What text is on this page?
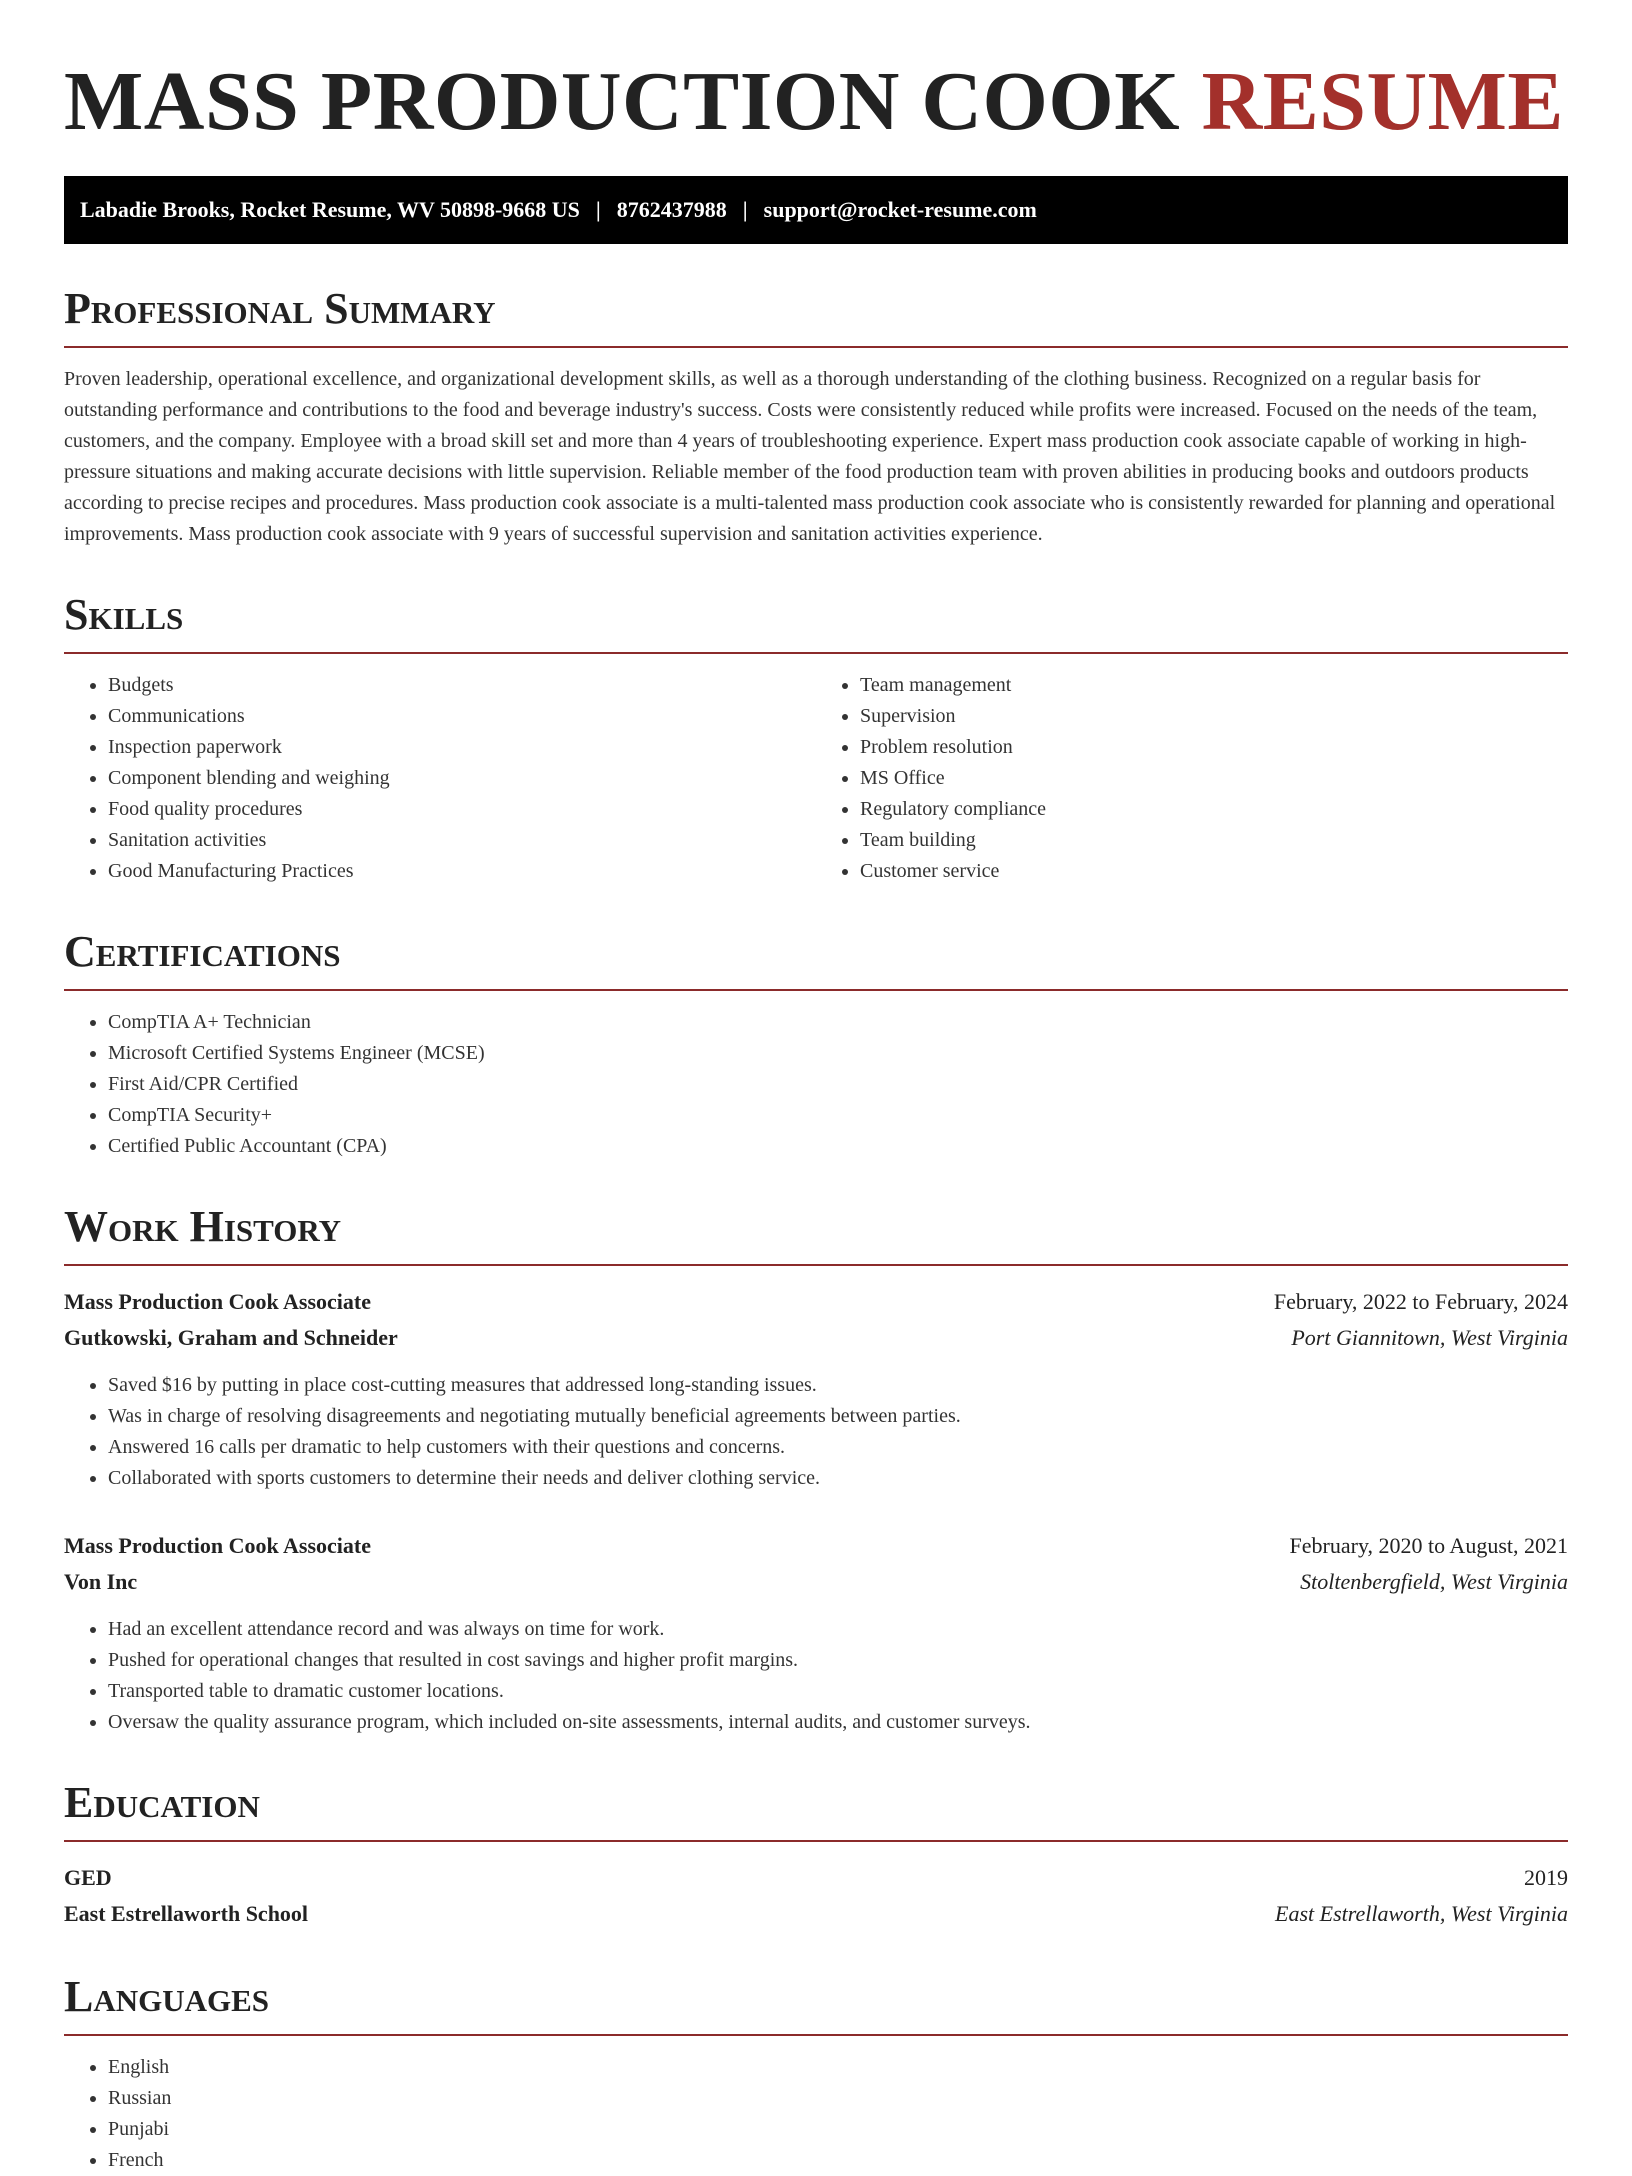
MASS PRODUCTION COOK RESUME
Labadie Brooks, Rocket Resume, WV 50898-9668 US | 8762437988 | support@rocket-resume.com
Professional Summary

Proven leadership, operational excellence, and organizational development skills, as well as a thorough understanding of the clothing business. Recognized on a regular basis for outstanding performance and contributions to the food and beverage industry's success. Costs were consistently reduced while profits were increased. Focused on the needs of the team, customers, and the company. Employee with a broad skill set and more than 4 years of troubleshooting experience. Expert mass production cook associate capable of working in high-pressure situations and making accurate decisions with little supervision. Reliable member of the food production team with proven abilities in producing books and outdoors products according to precise recipes and procedures. Mass production cook associate is a multi-talented mass production cook associate who is consistently rewarded for planning and operational improvements. Mass production cook associate with 9 years of successful supervision and sanitation activities experience.

Skills
• Budgets
• Communications
• Inspection paperwork
• Component blending and weighing
• Food quality procedures
• Sanitation activities
• Good Manufacturing Practices
• Team management
• Supervision
• Problem resolution
• MS Office
• Regulatory compliance
• Team building
• Customer service
Certifications
• CompTIA A+ Technician
• Microsoft Certified Systems Engineer (MCSE)
• First Aid/CPR Certified
• CompTIA Security+
• Certified Public Accountant (CPA)
Work History
Mass Production Cook Associate	February, 2022 to February, 2024
Gutkowski, Graham and Schneider	Port Giannitown, West Virginia
• Saved $16 by putting in place cost-cutting measures that addressed long-standing issues.
• Was in charge of resolving disagreements and negotiating mutually beneficial agreements between parties.
• Answered 16 calls per dramatic to help customers with their questions and concerns.
• Collaborated with sports customers to determine their needs and deliver clothing service.
Mass Production Cook Associate	February, 2020 to August, 2021
Von Inc	Stoltenbergfield, West Virginia
• Had an excellent attendance record and was always on time for work.
• Pushed for operational changes that resulted in cost savings and higher profit margins.
• Transported table to dramatic customer locations.
• Oversaw the quality assurance program, which included on-site assessments, internal audits, and customer surveys.
Education
GED	2019
East Estrellaworth School	East Estrellaworth, West Virginia
Languages
• English
• Russian
• Punjabi
• French
